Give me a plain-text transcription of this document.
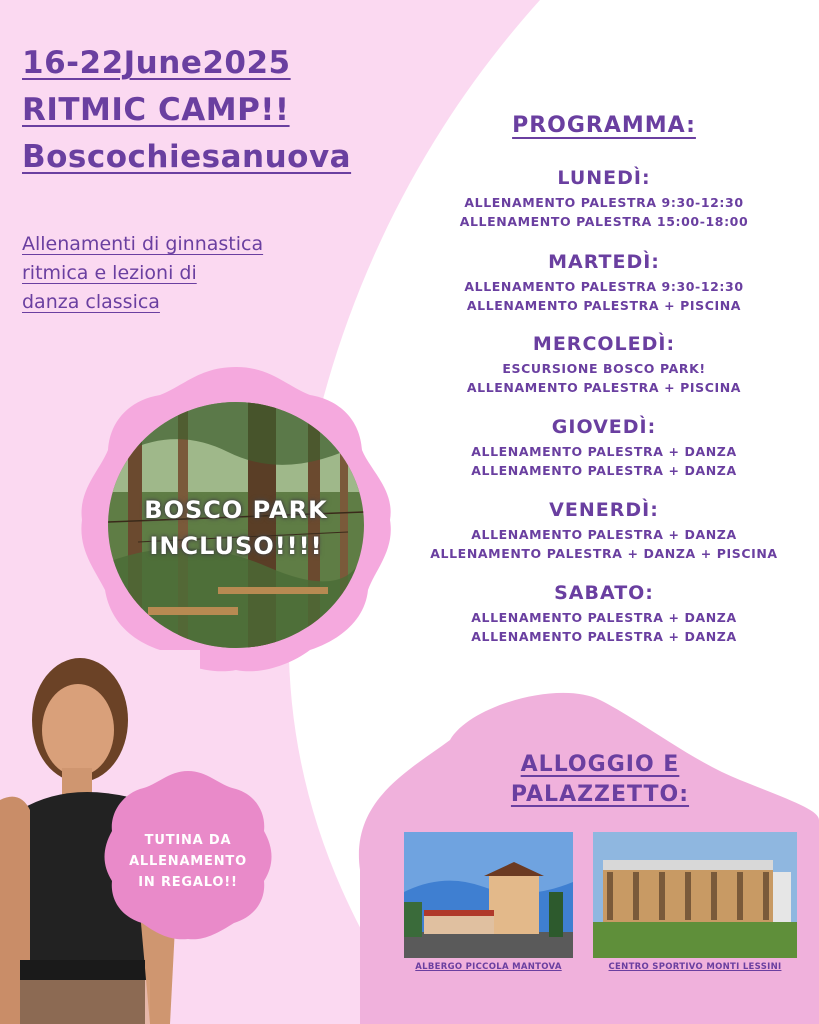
16-22June2025
RITMIC CAMP!!
Boscochiesanuova
Allenamenti di ginnastica
ritmica e lezioni di
danza classica
PROGRAMMA:
LUNEDÌ:
ALLENAMENTO PALESTRA 9:30-12:30
ALLENAMENTO PALESTRA 15:00-18:00
MARTEDÌ:
ALLENAMENTO PALESTRA 9:30-12:30
ALLENAMENTO PALESTRA + PISCINA
MERCOLEDÌ:
ESCURSIONE BOSCO PARK!
ALLENAMENTO PALESTRA + PISCINA
GIOVEDÌ:
ALLENAMENTO PALESTRA + DANZA
ALLENAMENTO PALESTRA + DANZA
VENERDÌ:
ALLENAMENTO PALESTRA + DANZA
ALLENAMENTO PALESTRA + DANZA + PISCINA
SABATO:
ALLENAMENTO PALESTRA + DANZA
ALLENAMENTO PALESTRA + DANZA
BOSCO PARK
INCLUSO!!!!
TUTINA DA
ALLENAMENTO
IN REGALO!!
ALLOGGIO E
PALAZZETTO:
ALBERGO PICCOLA MANTOVA	CENTRO SPORTIVO MONTI LESSINI
